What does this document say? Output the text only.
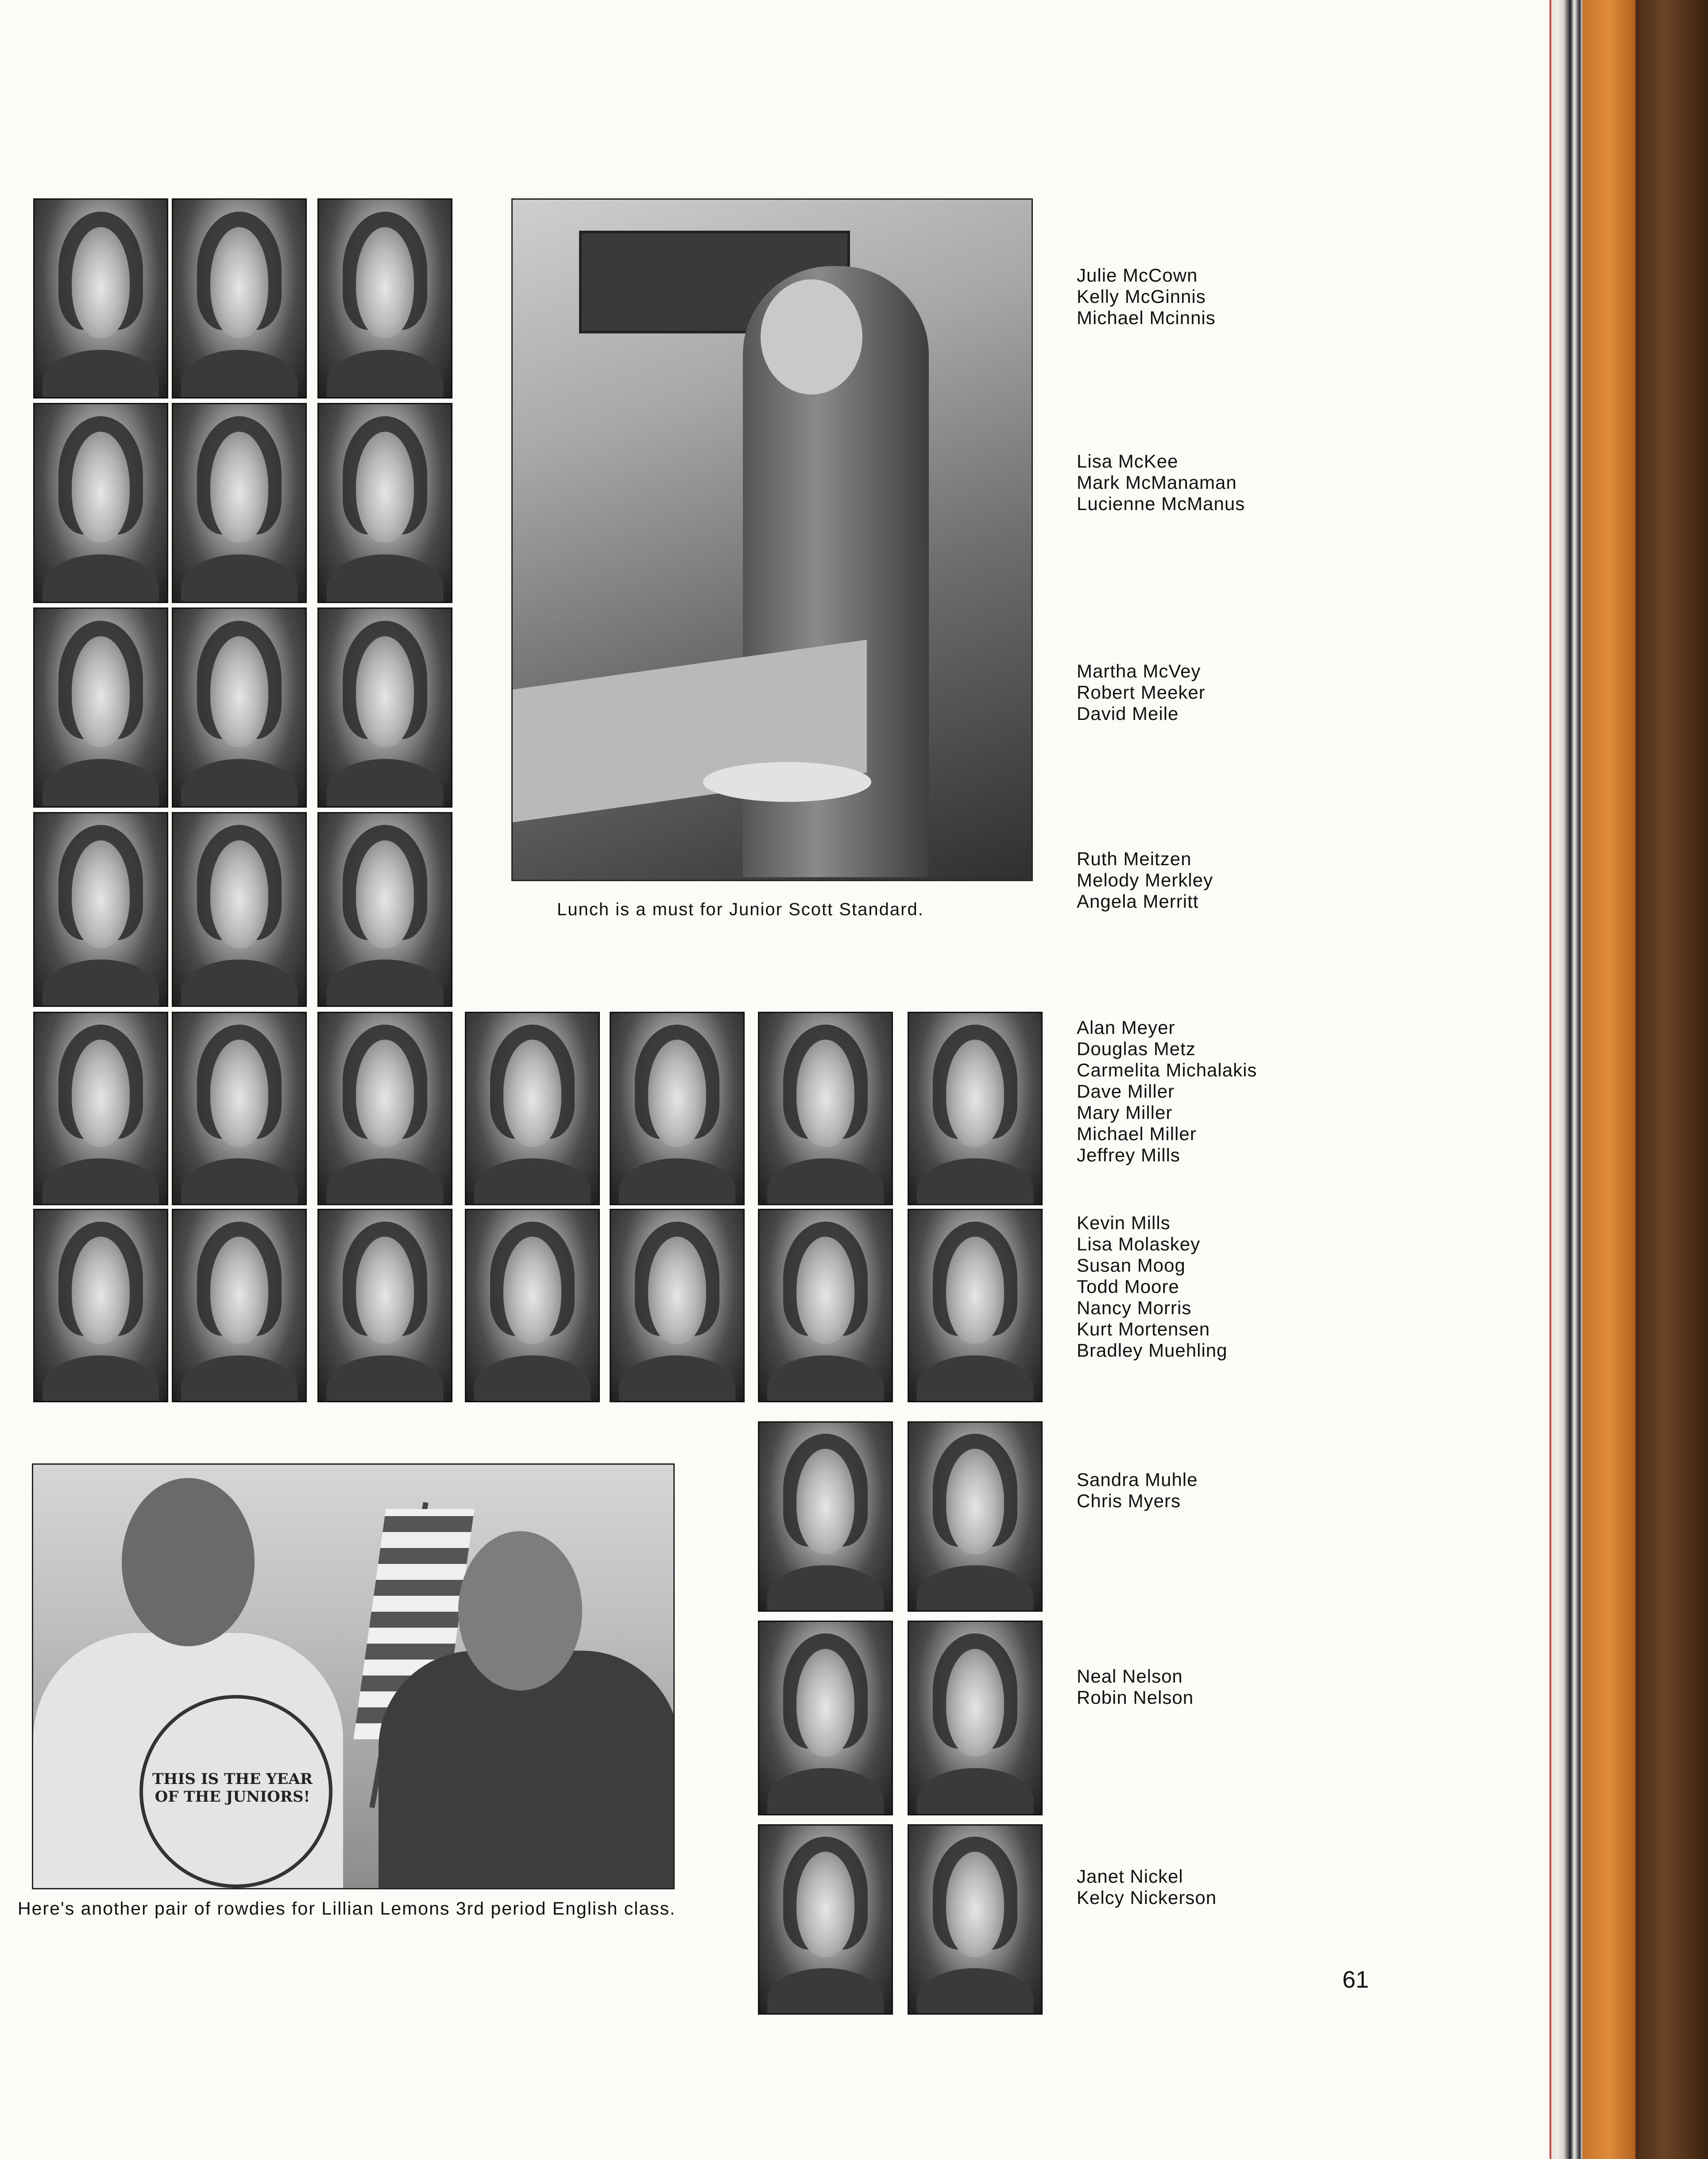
Lunch is a must for Junior Scott Standard.
THIS IS THE YEAR OF THE JUNIORS!
Here's another pair of rowdies for Lillian Lemons 3rd period English class.
Julie McCown
Kelly McGinnis
Michael Mcinnis
Lisa McKee
Mark McManaman
Lucienne McManus
Martha McVey
Robert Meeker
David Meile
Ruth Meitzen
Melody Merkley
Angela Merritt
Alan Meyer
Douglas Metz
Carmelita Michalakis
Dave Miller
Mary Miller
Michael Miller
Jeffrey Mills
Kevin Mills
Lisa Molaskey
Susan Moog
Todd Moore
Nancy Morris
Kurt Mortensen
Bradley Muehling
Sandra Muhle
Chris Myers
Neal Nelson
Robin Nelson
Janet Nickel
Kelcy Nickerson
61
